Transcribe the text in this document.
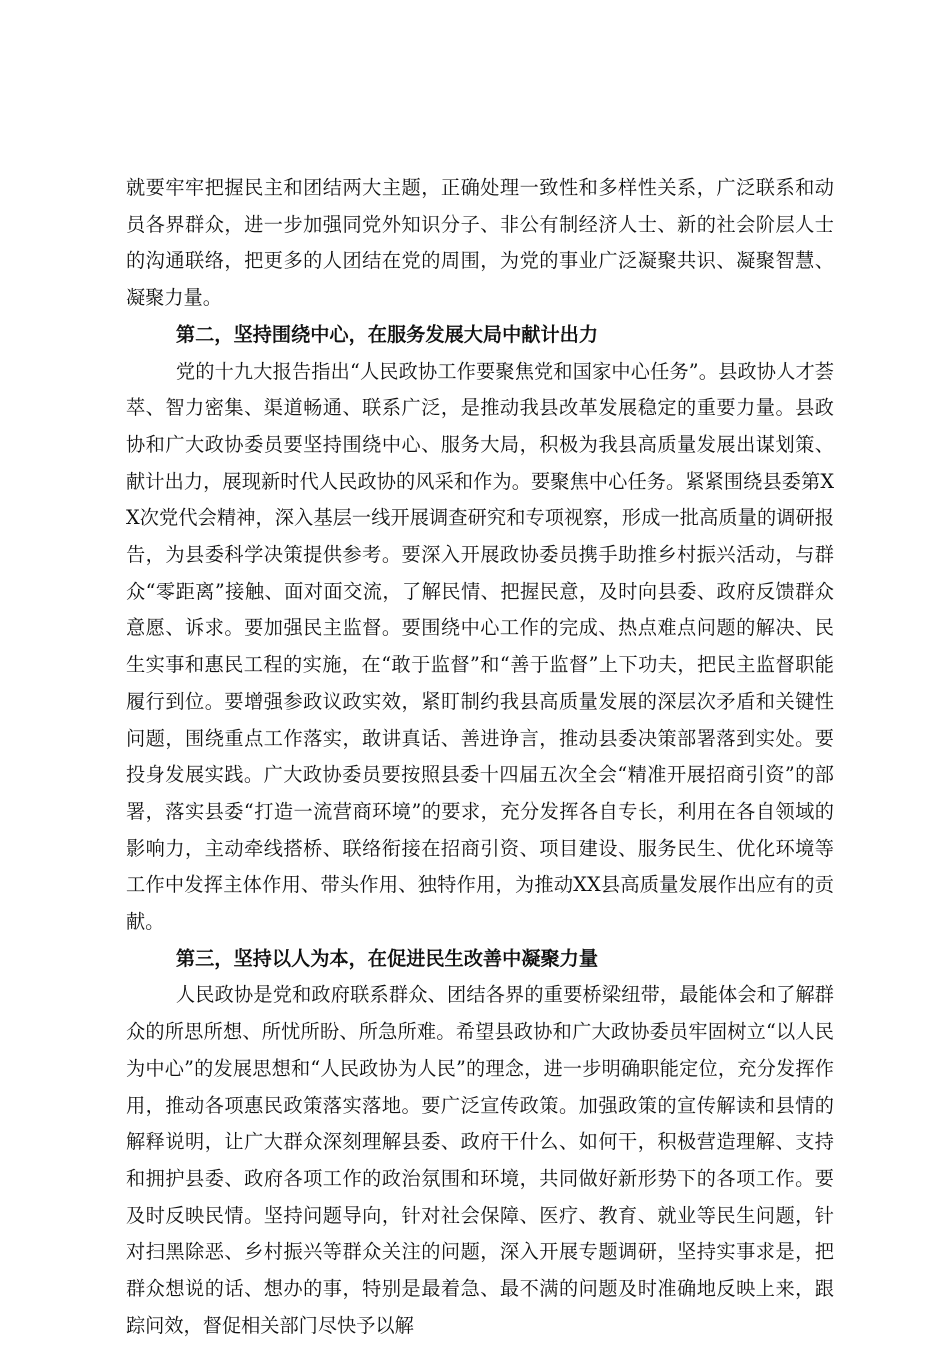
就要牢牢把握民主和团结两大主题，正确处理一致性和多样性关系，广泛联系和动员各界群众，进一步加强同党外知识分子、非公有制经济人士、新的社会阶层人士的沟通联络，把更多的人团结在党的周围，为党的事业广泛凝聚共识、凝聚智慧、凝聚力量。

第二，坚持围绕中心，在服务发展大局中献计出力

党的十九大报告指出“人民政协工作要聚焦党和国家中心任务”。县政协人才荟萃、智力密集、渠道畅通、联系广泛，是推动我县改革发展稳定的重要力量。县政协和广大政协委员要坚持围绕中心、服务大局，积极为我县高质量发展出谋划策、献计出力，展现新时代人民政协的风采和作为。要聚焦中心任务。紧紧围绕县委第XX次党代会精神，深入基层一线开展调查研究和专项视察，形成一批高质量的调研报告，为县委科学决策提供参考。要深入开展政协委员携手助推乡村振兴活动，与群众“零距离”接触、面对面交流，了解民情、把握民意，及时向县委、政府反馈群众意愿、诉求。要加强民主监督。要围绕中心工作的完成、热点难点问题的解决、民生实事和惠民工程的实施，在“敢于监督”和“善于监督”上下功夫，把民主监督职能履行到位。要增强参政议政实效，紧盯制约我县高质量发展的深层次矛盾和关键性问题，围绕重点工作落实，敢讲真话、善进诤言，推动县委决策部署落到实处。要投身发展实践。广大政协委员要按照县委十四届五次全会“精准开展招商引资”的部署，落实县委“打造一流营商环境”的要求，充分发挥各自专长，利用在各自领域的影响力，主动牵线搭桥、联络衔接在招商引资、项目建设、服务民生、优化环境等工作中发挥主体作用、带头作用、独特作用，为推动XX县高质量发展作出应有的贡献。

第三，坚持以人为本，在促进民生改善中凝聚力量

人民政协是党和政府联系群众、团结各界的重要桥梁纽带，最能体会和了解群众的所思所想、所忧所盼、所急所难。希望县政协和广大政协委员牢固树立“以人民为中心”的发展思想和“人民政协为人民”的理念，进一步明确职能定位，充分发挥作用，推动各项惠民政策落实落地。要广泛宣传政策。加强政策的宣传解读和县情的解释说明，让广大群众深刻理解县委、政府干什么、如何干，积极营造理解、支持和拥护县委、政府各项工作的政治氛围和环境，共同做好新形势下的各项工作。要及时反映民情。坚持问题导向，针对社会保障、医疗、教育、就业等民生问题，针对扫黑除恶、乡村振兴等群众关注的问题，深入开展专题调研，坚持实事求是，把群众想说的话、想办的事，特别是最着急、最不满的问题及时准确地反映上来，跟踪问效，督促相关部门尽快予以解
